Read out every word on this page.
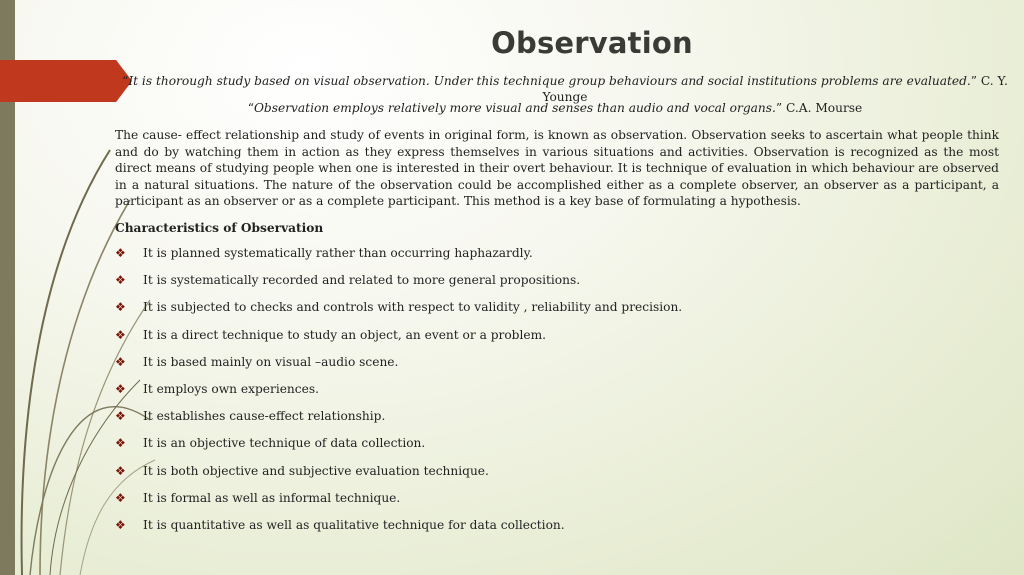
Observation

“It is thorough study based on visual observation. Under this technique group behaviours and social institutions problems are evaluated.” C. Y. Younge

“Observation employs relatively more visual and senses than audio and vocal organs.” C.A. Mourse

The cause- effect relationship and study of events in original form, is known as observation. Observation seeks to ascertain what people think and do by watching them in action as they express themselves in various situations and activities. Observation is recognized as the most direct means of studying people when one is interested in their overt behaviour. It is technique of evaluation in which behaviour are observed in a natural situations. The nature of the observation could be accomplished either as a complete observer, an observer as a participant, a participant as an observer or as a complete participant. This method is a key base of formulating a hypothesis.

Characteristics of Observation

❖	It is planned systematically rather than occurring haphazardly.
❖	It is systematically recorded and related to more general propositions.
❖	It is subjected to checks and controls with respect to validity , reliability and precision.
❖	It is a direct technique to study an object, an event or a problem.
❖	It is based mainly on visual –audio scene.
❖	It employs own experiences.
❖	It establishes cause-effect relationship.
❖	It is an objective technique of data collection.
❖	It is both objective and subjective evaluation technique.
❖	It is formal as well as informal technique.
❖	It is quantitative as well as qualitative technique for data collection.
